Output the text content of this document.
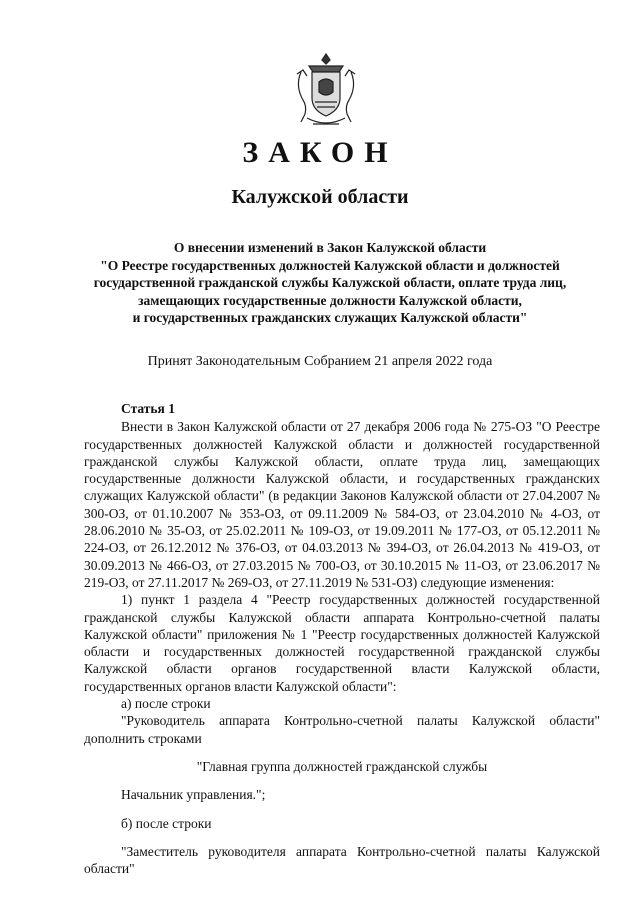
ЗАКОН
Калужской области
О внесении изменений в Закон Калужской области
"О Реестре государственных должностей Калужской области и должностей
государственной гражданской службы Калужской области, оплате труда лиц,
замещающих государственные должности Калужской области,
и государственных гражданских служащих Калужской области"
Принят Законодательным Собранием 21 апреля 2022 года

Статья 1

Внести в Закон Калужской области от 27 декабря 2006 года № 275-ОЗ "О Реестре государственных должностей Калужской области и должностей государственной гражданской службы Калужской области, оплате труда лиц, замещающих государственные должности Калужской области, и государственных гражданских служащих Калужской области" (в редакции Законов Калужской области от 27.04.2007 № 300-ОЗ, от 01.10.2007 № 353-ОЗ, от 09.11.2009 № 584-ОЗ, от 23.04.2010 № 4-ОЗ, от 28.06.2010 № 35-ОЗ, от 25.02.2011 № 109-ОЗ, от 19.09.2011 № 177-ОЗ, от 05.12.2011 № 224-ОЗ, от 26.12.2012 № 376-ОЗ, от 04.03.2013 № 394-ОЗ, от 26.04.2013 № 419-ОЗ, от 30.09.2013 № 466-ОЗ, от 27.03.2015 № 700-ОЗ, от 30.10.2015 № 11-ОЗ, от 23.06.2017 № 219-ОЗ, от 27.11.2017 № 269-ОЗ, от 27.11.2019 № 531-ОЗ) следующие изменения:

1) пункт 1 раздела 4 "Реестр государственных должностей государственной гражданской службы Калужской области аппарата Контрольно-счетной палаты Калужской области" приложения № 1 "Реестр государственных должностей Калужской области и государственных должностей государственной гражданской службы Калужской области органов государственной власти Калужской области, государственных органов власти Калужской области":

а) после строки

"Руководитель аппарата Контрольно-счетной палаты Калужской области" дополнить строками

"Главная группа должностей гражданской службы

Начальник управления.";

б) после строки

"Заместитель руководителя аппарата Контрольно-счетной палаты Калужской области"
